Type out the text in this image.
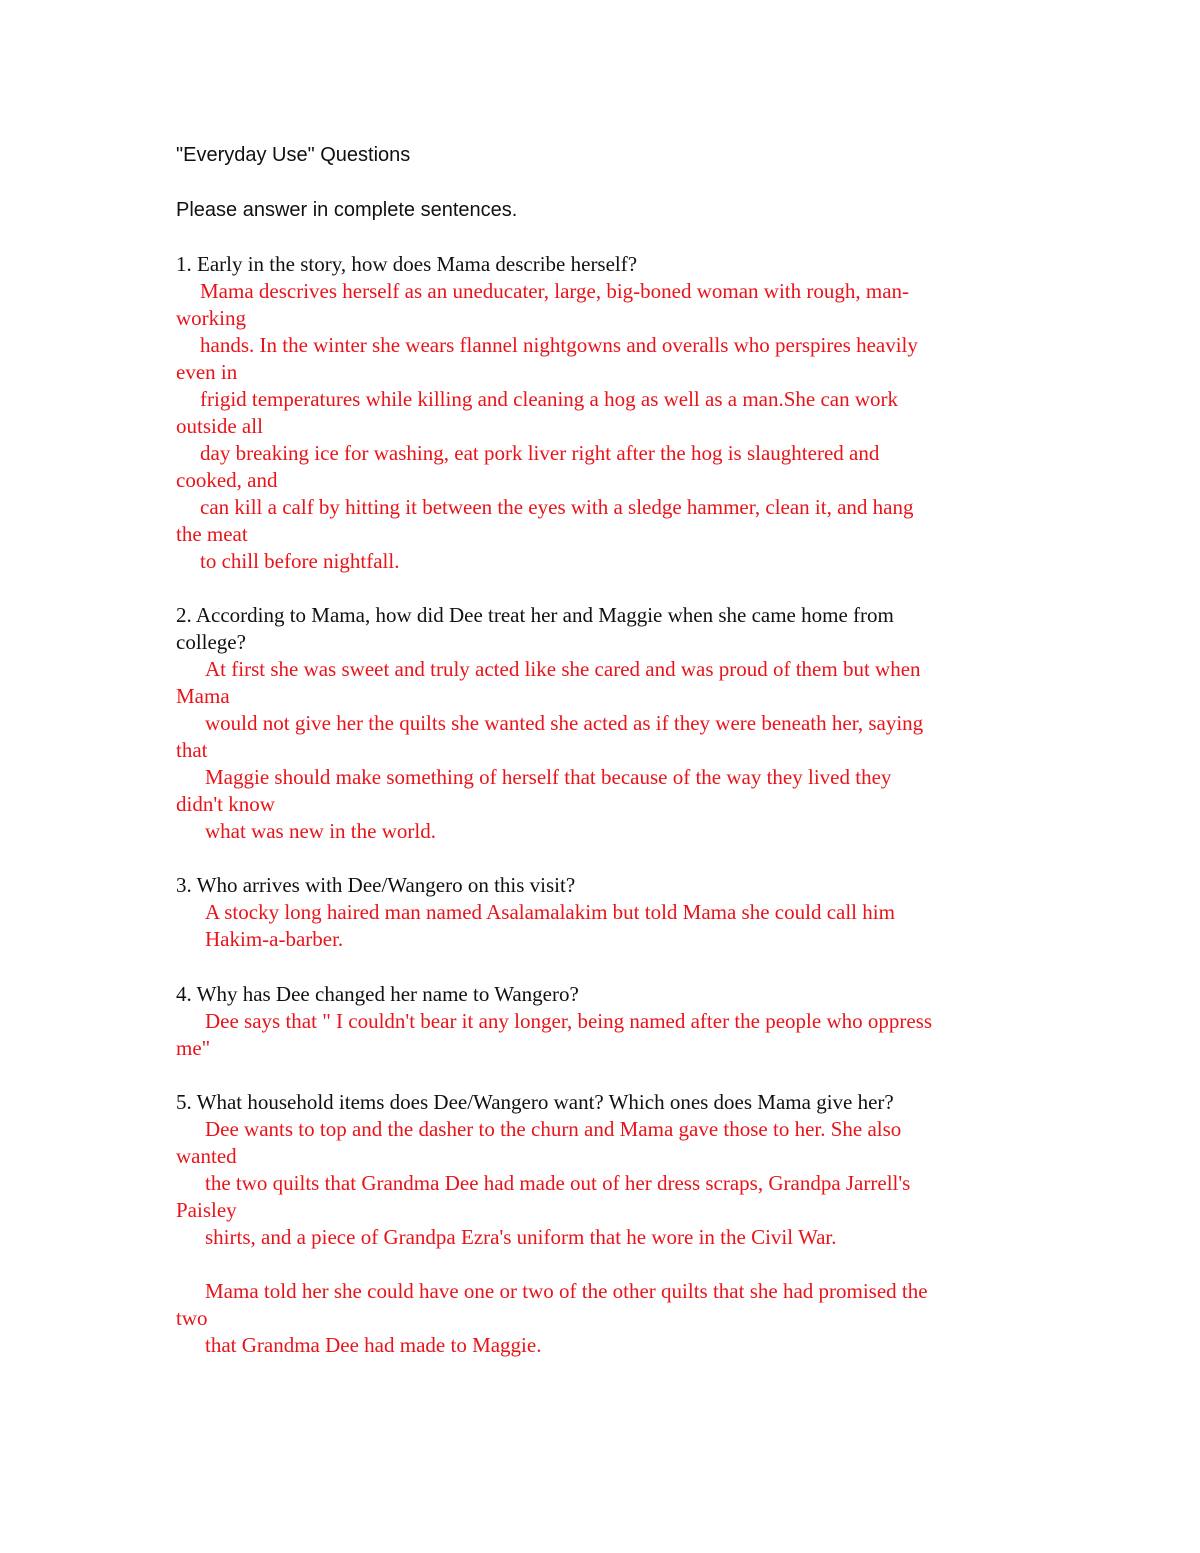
"Everyday Use" Questions
Please answer in complete sentences.
1. Early in the story, how does Mama describe herself?
Mama descrives herself as an uneducater, large, big-boned woman with rough, man-
working
hands. In the winter she wears flannel nightgowns and overalls who perspires heavily
even in
frigid temperatures while killing and cleaning a hog as well as a man.She can work
outside all
day breaking ice for washing, eat pork liver right after the hog is slaughtered and
cooked, and
can kill a calf by hitting it between the eyes with a sledge hammer, clean it, and hang
the meat
to chill before nightfall.
2. According to Mama, how did Dee treat her and Maggie when she came home from
college?
At first she was sweet and truly acted like she cared and was proud of them but when
Mama
would not give her the quilts she wanted she acted as if they were beneath her, saying
that
Maggie should make something of herself that because of the way they lived they
didn't know
what was new in the world.
3. Who arrives with Dee/Wangero on this visit?
A stocky long haired man named Asalamalakim but told Mama she could call him
Hakim-a-barber.
4. Why has Dee changed her name to Wangero?
Dee says that " I couldn't bear it any longer, being named after the people who oppress
me"
5. What household items does Dee/Wangero want? Which ones does Mama give her?
Dee wants to top and the dasher to the churn and Mama gave those to her. She also
wanted
the two quilts that Grandma Dee had made out of her dress scraps, Grandpa Jarrell's
Paisley
shirts, and a piece of Grandpa Ezra's uniform that he wore in the Civil War.
Mama told her she could have one or two of the other quilts that she had promised the
two
that Grandma Dee had made to Maggie.
